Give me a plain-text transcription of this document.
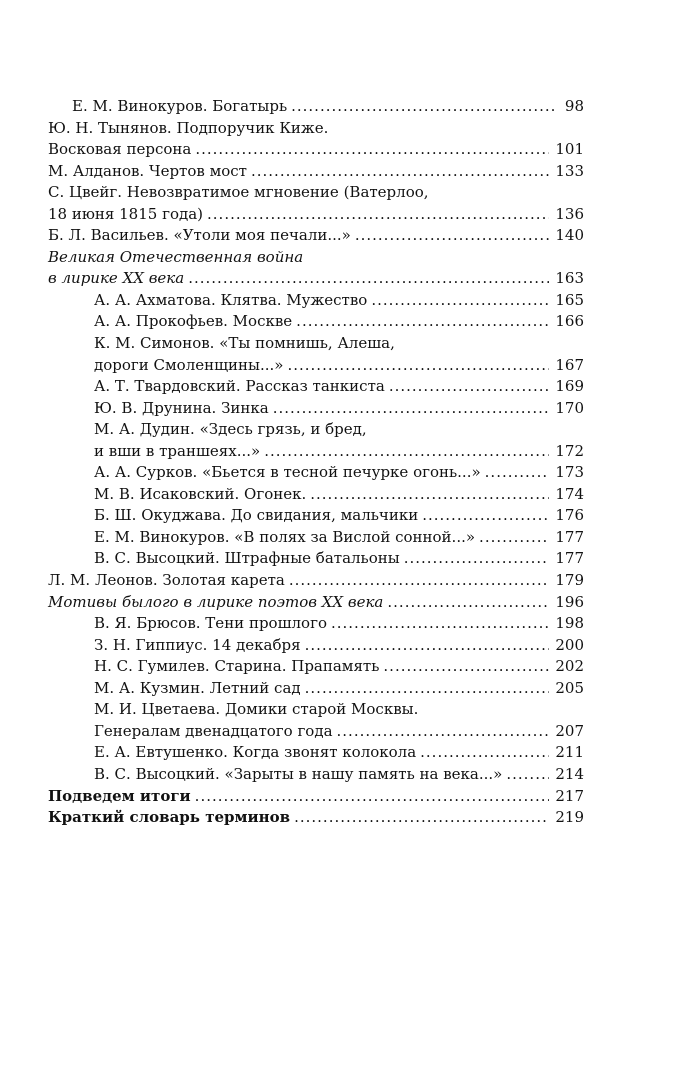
Е. М. Винокуров. Богатырь .....	98
Ю. Н. Тынянов. Подпоручик Киже.
Восковая персона .....	101
М. Алданов. Чертов мост .....	133
С. Цвейг. Невозвратимое мгновение (Ватерлоо,
18 июня 1815 года) .....	136
Б. Л. Васильев. «Утоли моя печали...» .....	140
Великая Отечественная война
в лирике XX века .....	163
А. А. Ахматова. Клятва. Мужество .....	165
А. А. Прокофьев. Москве .....	166
К. М. Симонов. «Ты помнишь, Алеша,
дороги Смоленщины...» .....	167
А. Т. Твардовский. Рассказ танкиста .....	169
Ю. В. Друнина. Зинка .....	170
М. А. Дудин. «Здесь грязь, и бред,
и вши в траншеях...» .....	172
А. А. Сурков. «Бьется в тесной печурке огонь...» .....	173
М. В. Исаковский. Огонек. .....	174
Б. Ш. Окуджава. До свидания, мальчики .....	176
Е. М. Винокуров. «В полях за Вислой сонной...» .....	177
В. С. Высоцкий. Штрафные батальоны .....	177
Л. М. Леонов. Золотая карета .....	179
Мотивы былого в лирике поэтов XX века .....	196
В. Я. Брюсов. Тени прошлого .....	198
З. Н. Гиппиус. 14 декабря .....	200
Н. С. Гумилев. Старина. Прапамять .....	202
М. А. Кузмин. Летний сад .....	205
М. И. Цветаева. Домики старой Москвы.
Генералам двенадцатого года .....	207
Е. А. Евтушенко. Когда звонят колокола .....	211
В. С. Высоцкий. «Зарыты в нашу память на века...» .....	214
Подведем итоги .....	217
Краткий словарь терминов .....	219
